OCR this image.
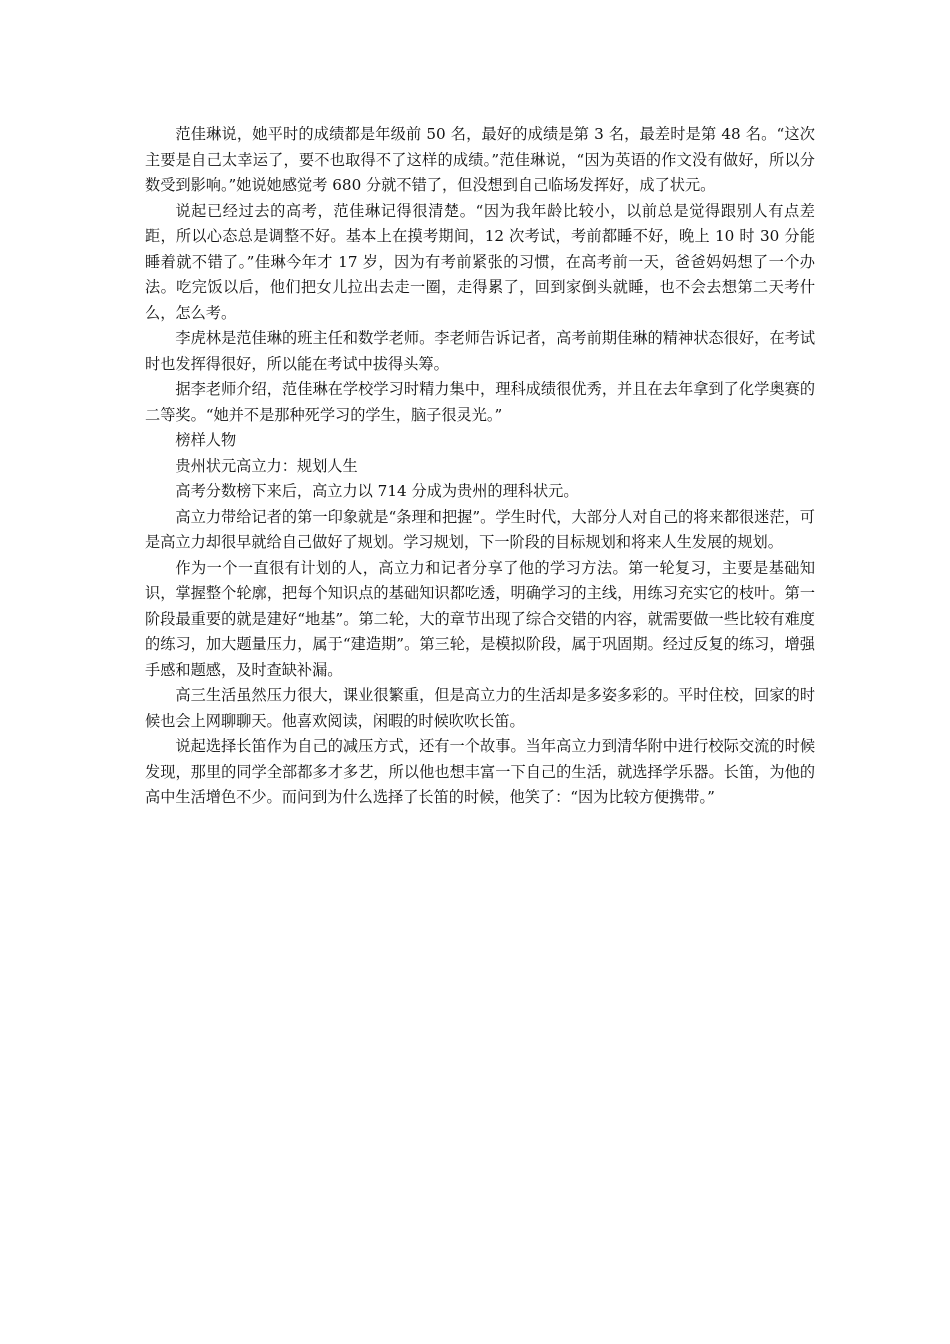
范佳琳说，她平时的成绩都是年级前 50 名，最好的成绩是第 3 名，最差时是第 48 名。“这次主要是自己太幸运了，要不也取得不了这样的成绩。”范佳琳说，“因为英语的作文没有做好，所以分数受到影响。”她说她感觉考 680 分就不错了，但没想到自己临场发挥好，成了状元。

说起已经过去的高考，范佳琳记得很清楚。“因为我年龄比较小，以前总是觉得跟别人有点差距，所以心态总是调整不好。基本上在摸考期间，12 次考试，考前都睡不好，晚上 10 时 30 分能睡着就不错了。”佳琳今年才 17 岁，因为有考前紧张的习惯，在高考前一天，爸爸妈妈想了一个办法。吃完饭以后，他们把女儿拉出去走一圈，走得累了，回到家倒头就睡，也不会去想第二天考什么，怎么考。

李虎林是范佳琳的班主任和数学老师。李老师告诉记者，高考前期佳琳的精神状态很好，在考试时也发挥得很好，所以能在考试中拔得头筹。

据李老师介绍，范佳琳在学校学习时精力集中，理科成绩很优秀，并且在去年拿到了化学奥赛的二等奖。“她并不是那种死学习的学生，脑子很灵光。”

榜样人物

贵州状元高立力：规划人生

高考分数榜下来后，高立力以 714 分成为贵州的理科状元。

高立力带给记者的第一印象就是“条理和把握”。学生时代，大部分人对自己的将来都很迷茫，可是高立力却很早就给自己做好了规划。学习规划，下一阶段的目标规划和将来人生发展的规划。

作为一个一直很有计划的人，高立力和记者分享了他的学习方法。第一轮复习，主要是基础知识，掌握整个轮廓，把每个知识点的基础知识都吃透，明确学习的主线，用练习充实它的枝叶。第一阶段最重要的就是建好“地基”。第二轮，大的章节出现了综合交错的内容，就需要做一些比较有难度的练习，加大题量压力，属于“建造期”。第三轮，是模拟阶段，属于巩固期。经过反复的练习，增强手感和题感，及时查缺补漏。

高三生活虽然压力很大，课业很繁重，但是高立力的生活却是多姿多彩的。平时住校，回家的时候也会上网聊聊天。他喜欢阅读，闲暇的时候吹吹长笛。

说起选择长笛作为自己的减压方式，还有一个故事。当年高立力到清华附中进行校际交流的时候发现，那里的同学全部都多才多艺，所以他也想丰富一下自己的生活，就选择学乐器。长笛，为他的高中生活增色不少。而问到为什么选择了长笛的时候，他笑了：“因为比较方便携带。”
